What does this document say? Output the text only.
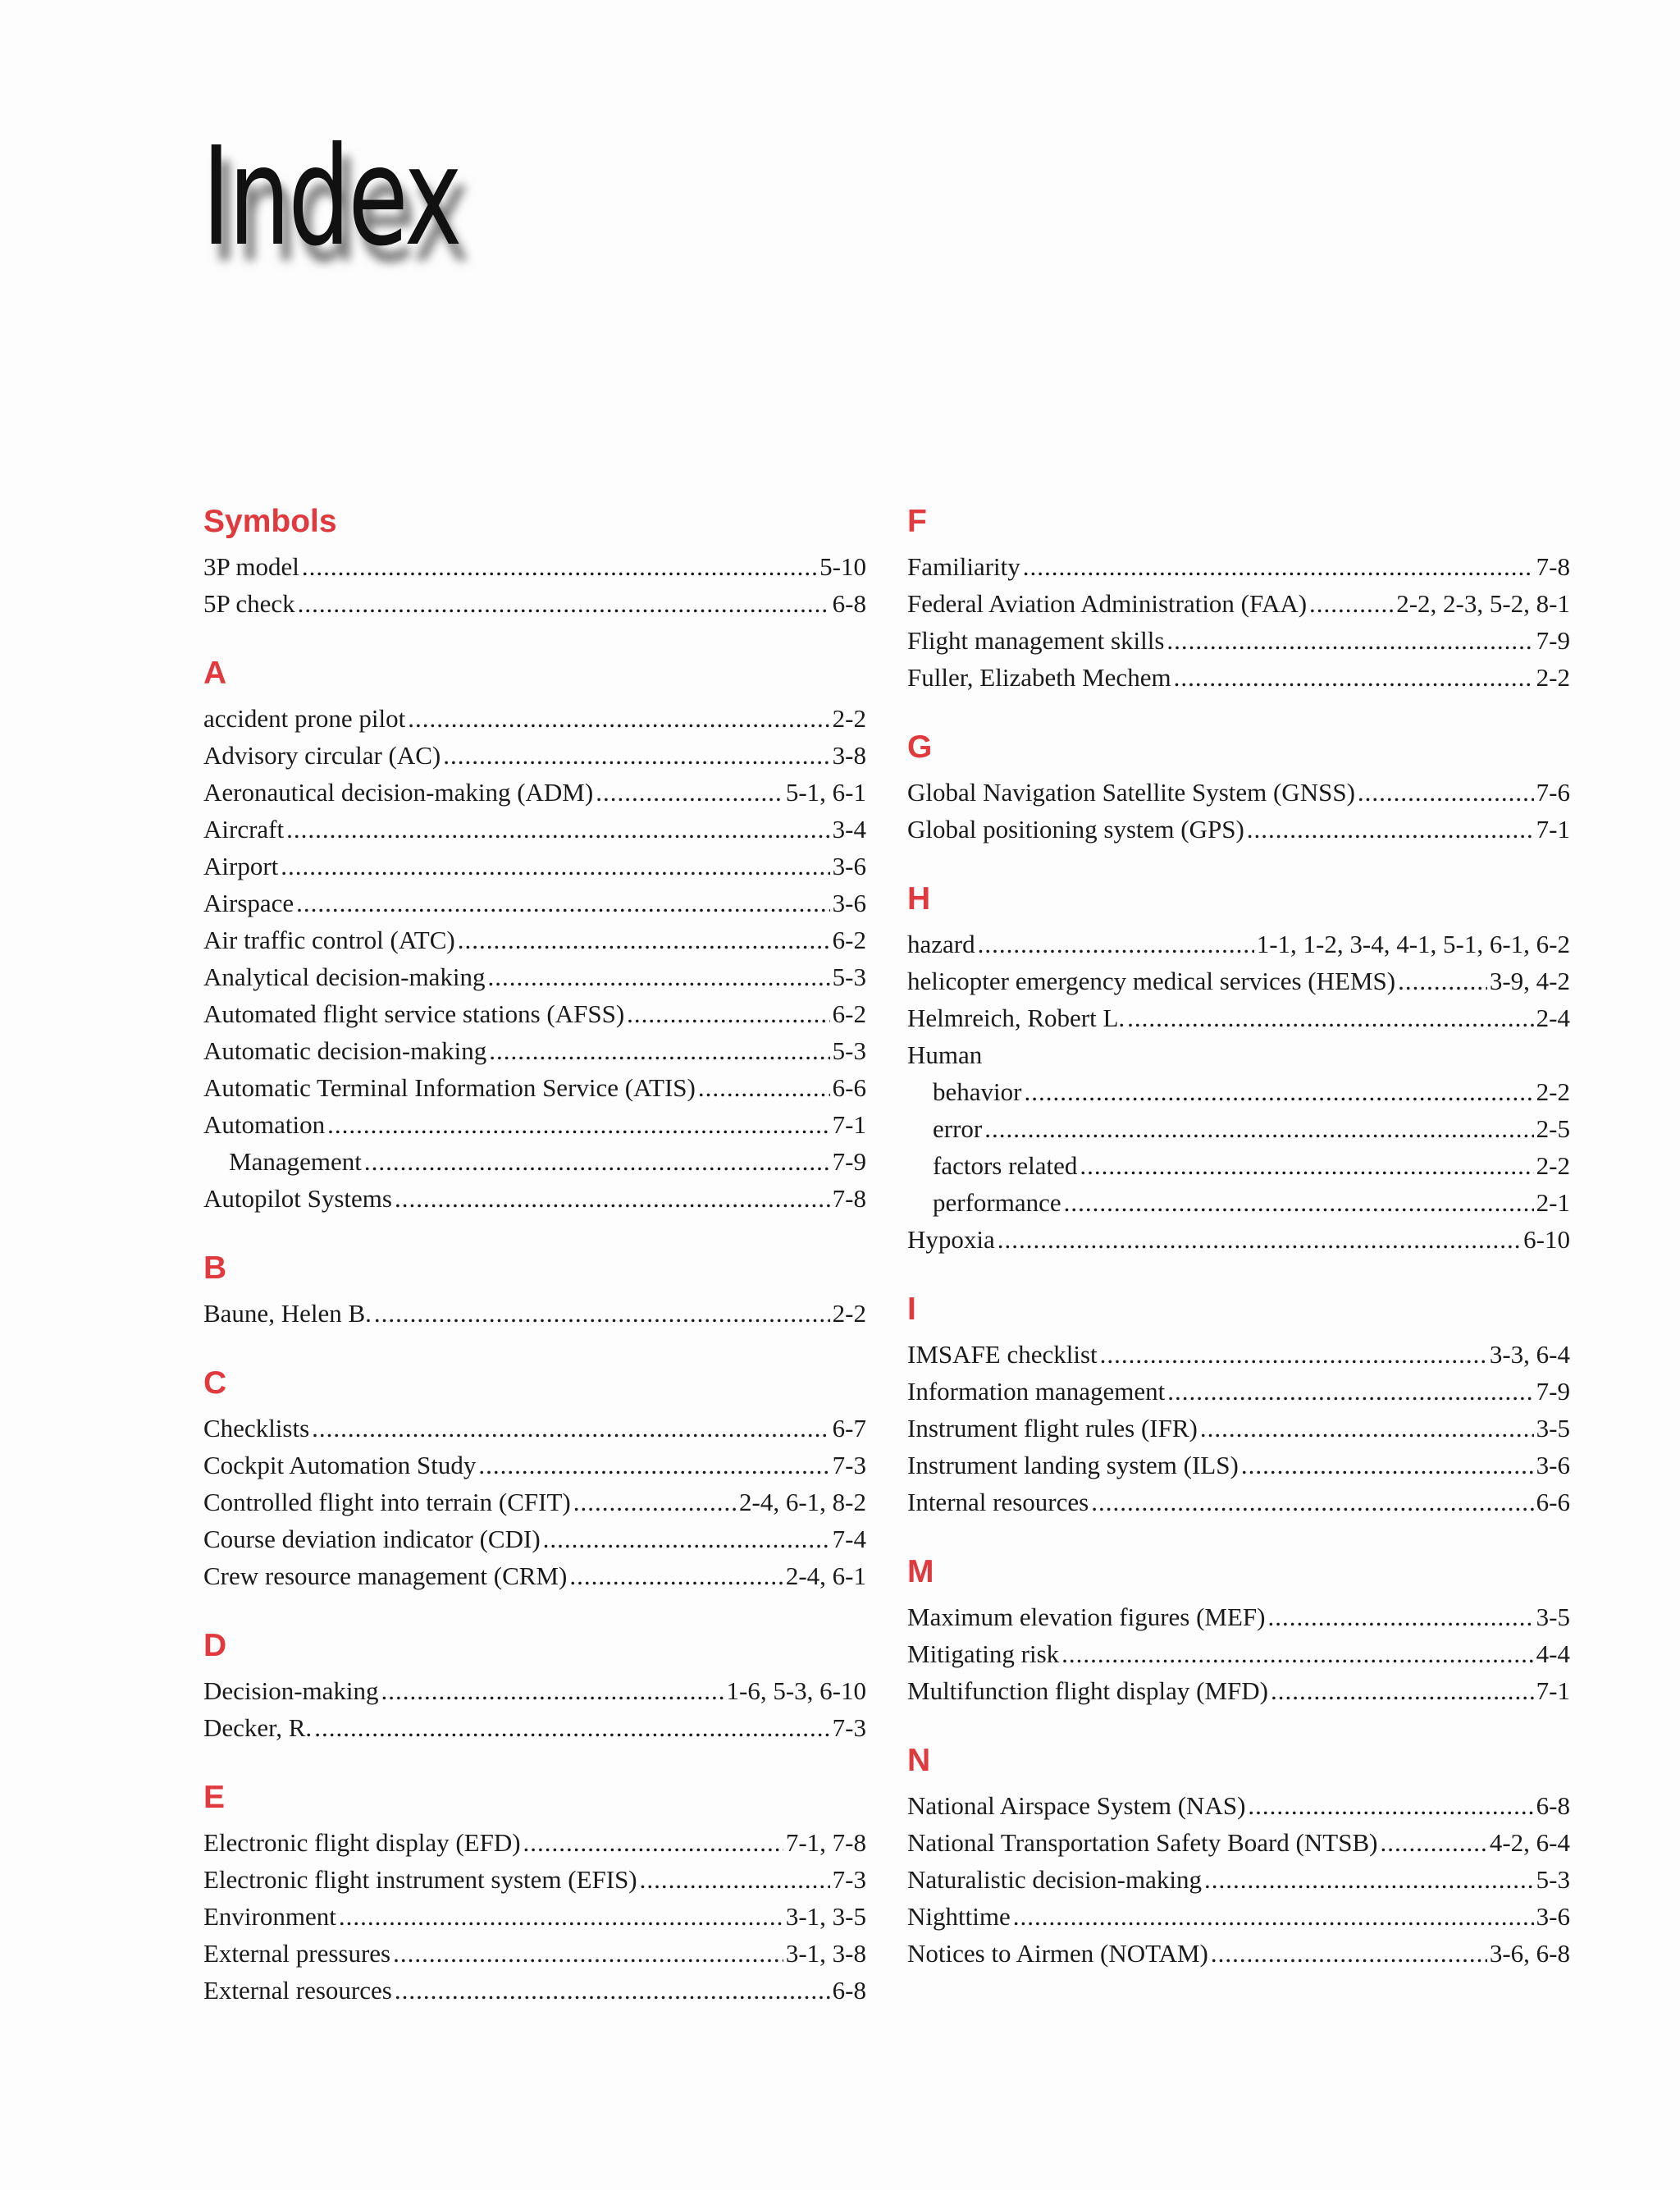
Index
Symbols
3P model .....	5-10
5P check .....	6-8
A
accident prone pilot .....	2-2
Advisory circular (AC) .....	3-8
Aeronautical decision-making (ADM) .....	5-1, 6-1
Aircraft .....	3-4
Airport .....	3-6
Airspace .....	3-6
Air traffic control (ATC) .....	6-2
Analytical decision-making .....	5-3
Automated flight service stations (AFSS) .....	6-2
Automatic decision-making .....	5-3
Automatic Terminal Information Service (ATIS) .....	6-6
Automation .....	7-1
Management .....	7-9
Autopilot Systems .....	7-8
B
Baune, Helen B. .....	2-2
C
Checklists .....	6-7
Cockpit Automation Study .....	7-3
Controlled flight into terrain (CFIT) .....	2-4, 6-1, 8-2
Course deviation indicator (CDI) .....	7-4
Crew resource management (CRM) .....	2-4, 6-1
D
Decision-making .....	1-6, 5-3, 6-10
Decker, R. .....	7-3
E
Electronic flight display (EFD) .....	7-1, 7-8
Electronic flight instrument system (EFIS) .....	7-3
Environment .....	3-1, 3-5
External pressures .....	3-1, 3-8
External resources .....	6-8
F
Familiarity .....	7-8
Federal Aviation Administration (FAA) .....	2-2, 2-3, 5-2, 8-1
Flight management skills .....	7-9
Fuller, Elizabeth Mechem .....	2-2
G
Global Navigation Satellite System (GNSS) .....	7-6
Global positioning system (GPS) .....	7-1
H
hazard .....	1-1, 1-2, 3-4, 4-1, 5-1, 6-1, 6-2
helicopter emergency medical services (HEMS) .....	3-9, 4-2
Helmreich, Robert L. .....	2-4
Human
behavior .....	2-2
error .....	2-5
factors related .....	2-2
performance .....	2-1
Hypoxia .....	6-10
I
IMSAFE checklist .....	3-3, 6-4
Information management .....	7-9
Instrument flight rules (IFR) .....	3-5
Instrument landing system (ILS) .....	3-6
Internal resources .....	6-6
M
Maximum elevation figures (MEF) .....	3-5
Mitigating risk .....	4-4
Multifunction flight display (MFD) .....	7-1
N
National Airspace System (NAS) .....	6-8
National Transportation Safety Board (NTSB) .....	4-2, 6-4
Naturalistic decision-making .....	5-3
Nighttime .....	3-6
Notices to Airmen (NOTAM) .....	3-6, 6-8
